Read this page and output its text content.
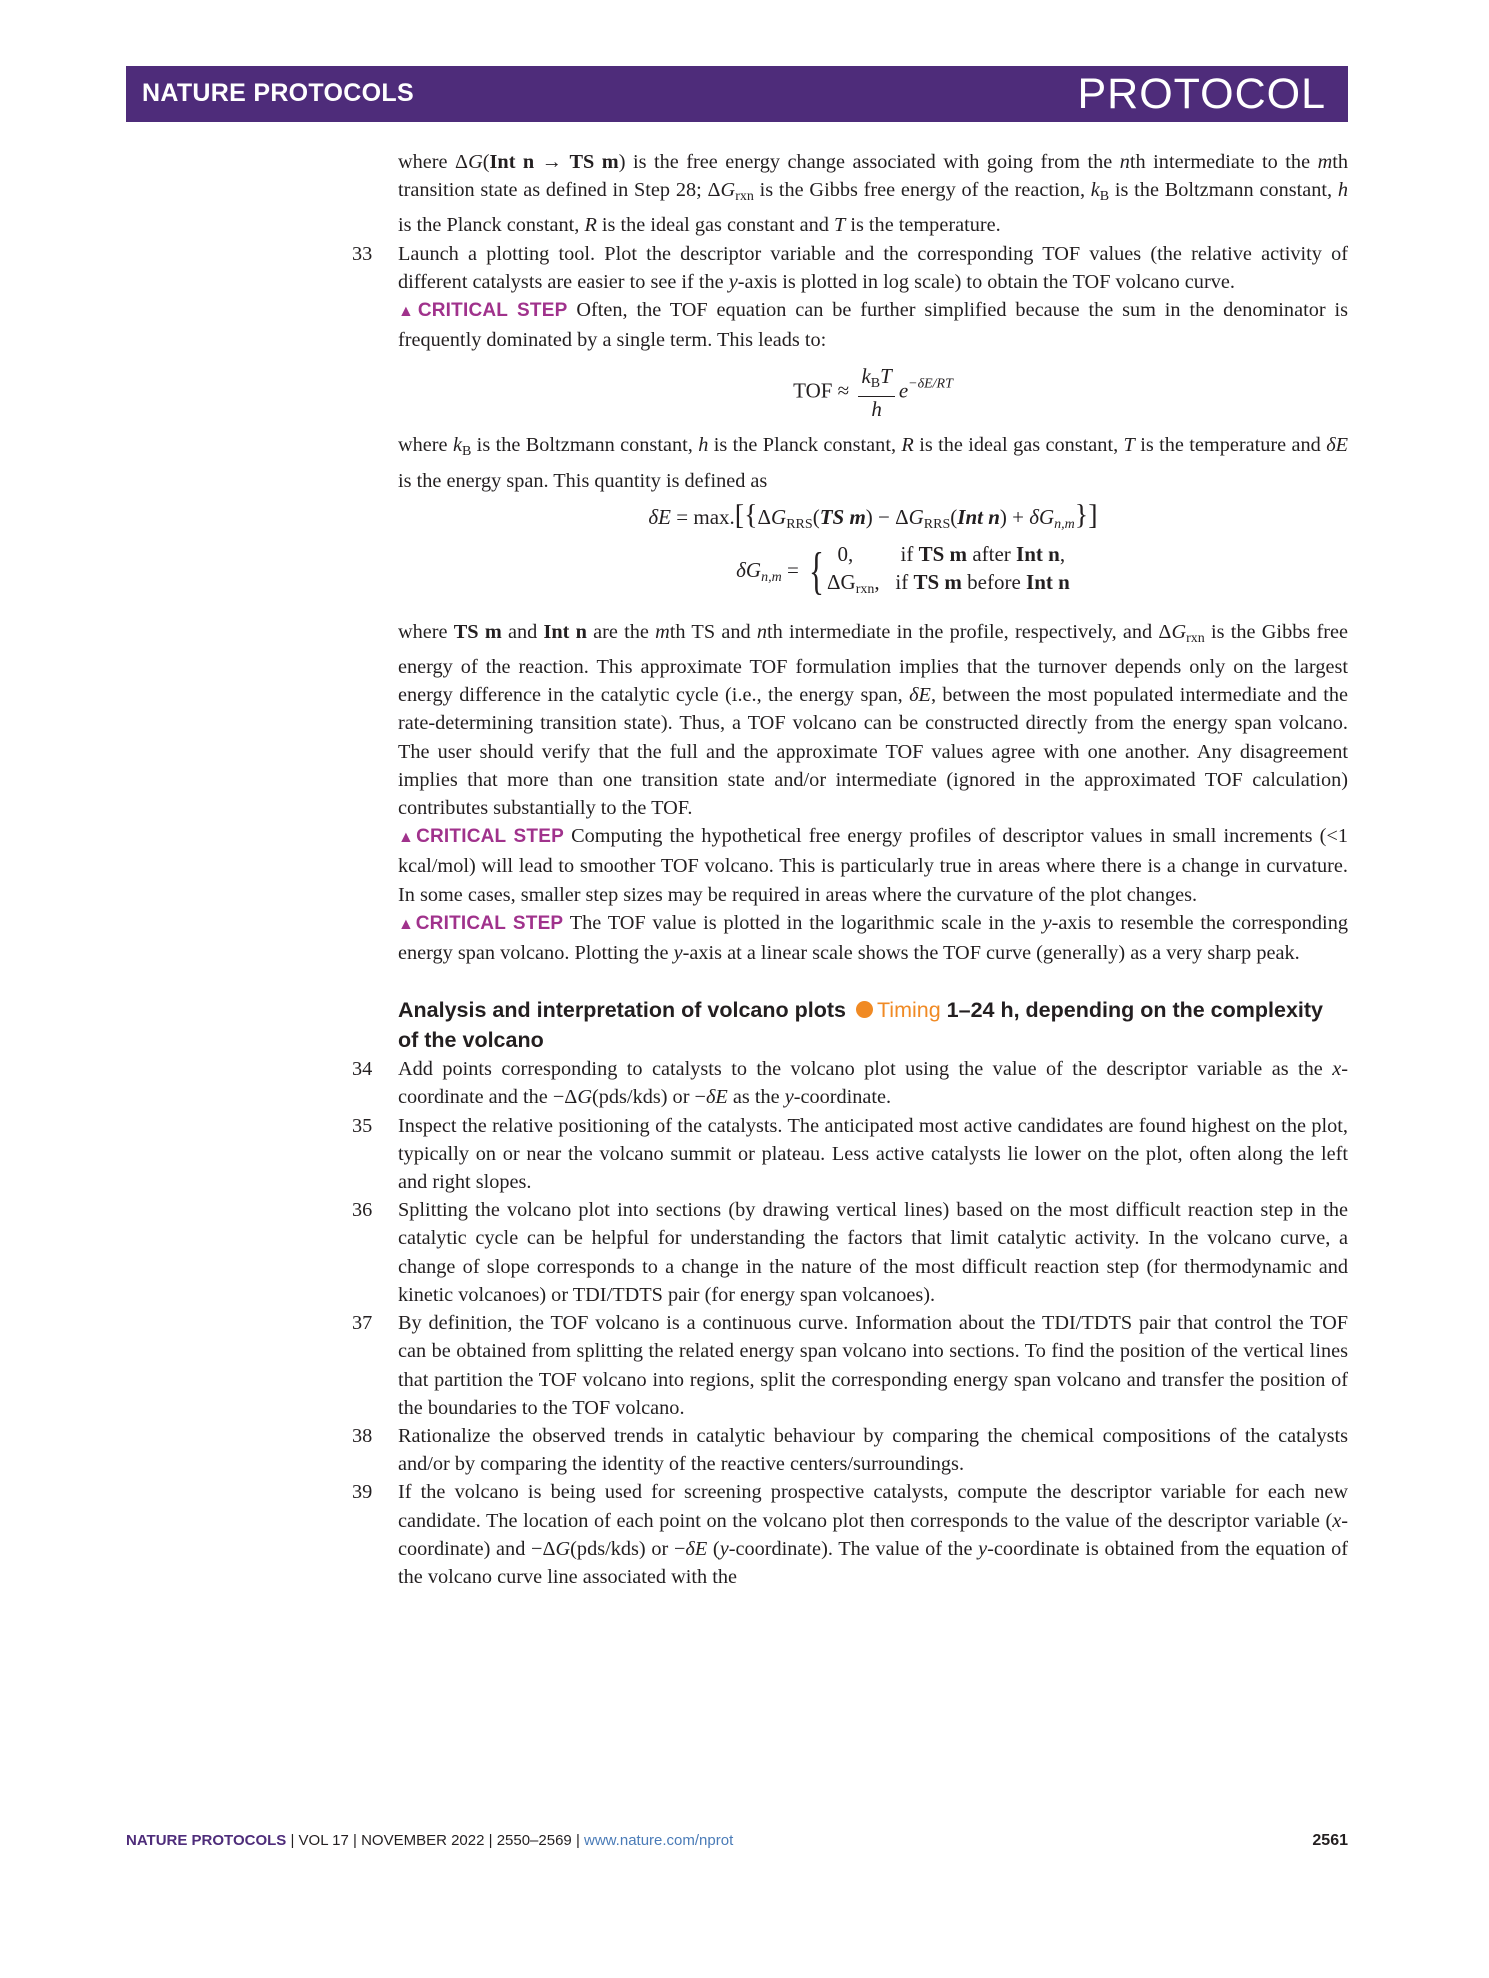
NATURE PROTOCOLS	PROTOCOL

where ΔG(Int n → TS m) is the free energy change associated with going from the nth intermediate to the mth transition state as defined in Step 28; $\Delta G_{rxn}$ is the Gibbs free energy of the reaction, $k_B$ is the Boltzmann constant, h is the Planck constant, R is the ideal gas constant and T is the temperature.

33 Launch a plotting tool. Plot the descriptor variable and the corresponding TOF values (the relative activity of different catalysts are easier to see if the y-axis is plotted in log scale) to obtain the TOF volcano curve.

▲CRITICAL STEP Often, the TOF equation can be further simplified because the sum in the denominator is frequently dominated by a single term. This leads to:

TOF ≈ $\frac{k_BT}{h} e^{-\delta E/RT}$

where $k_B$ is the Boltzmann constant, h is the Planck constant, R is the ideal gas constant, T is the temperature and δE is the energy span. This quantity is defined as

$\delta E = \max.[\{\Delta G_{RRS}(TS$ $m) - \Delta G_{RRS}(Int$ $n) + \delta G_{n,m}$}]
$\delta G_{n,m}$ = { 0,         if TS m after Int n,
$\Delta G_{rxn}$,   if TS m before Int n

where TS m and Int n are the mth TS and nth intermediate in the profile, respectively, and $\Delta G_{rxn}$ is the Gibbs free energy of the reaction. This approximate TOF formulation implies that the turnover depends only on the largest energy difference in the catalytic cycle (i.e., the energy span, δE, between the most populated intermediate and the rate-determining transition state). Thus, a TOF volcano can be constructed directly from the energy span volcano. The user should verify that the full and the approximate TOF values agree with one another. Any disagreement implies that more than one transition state and/or intermediate (ignored in the approximated TOF calculation) contributes substantially to the TOF.

▲CRITICAL STEP Computing the hypothetical free energy profiles of descriptor values in small increments (<1 kcal/mol) will lead to smoother TOF volcano. This is particularly true in areas where there is a change in curvature. In some cases, smaller step sizes may be required in areas where the curvature of the plot changes.

▲CRITICAL STEP The TOF value is plotted in the logarithmic scale in the y-axis to resemble the corresponding energy span volcano. Plotting the y-axis at a linear scale shows the TOF curve (generally) as a very sharp peak.

Analysis and interpretation of volcano plots Timing 1–24 h, depending on the complexity of the volcano

34 Add points corresponding to catalysts to the volcano plot using the value of the descriptor variable as the x-coordinate and the −ΔG(pds/kds) or −δE as the y-coordinate.

35 Inspect the relative positioning of the catalysts. The anticipated most active candidates are found highest on the plot, typically on or near the volcano summit or plateau. Less active catalysts lie lower on the plot, often along the left and right slopes.

36 Splitting the volcano plot into sections (by drawing vertical lines) based on the most difficult reaction step in the catalytic cycle can be helpful for understanding the factors that limit catalytic activity. In the volcano curve, a change of slope corresponds to a change in the nature of the most difficult reaction step (for thermodynamic and kinetic volcanoes) or TDI/TDTS pair (for energy span volcanoes).

37 By definition, the TOF volcano is a continuous curve. Information about the TDI/TDTS pair that control the TOF can be obtained from splitting the related energy span volcano into sections. To find the position of the vertical lines that partition the TOF volcano into regions, split the corresponding energy span volcano and transfer the position of the boundaries to the TOF volcano.

38 Rationalize the observed trends in catalytic behaviour by comparing the chemical compositions of the catalysts and/or by comparing the identity of the reactive centers/surroundings.

39 If the volcano is being used for screening prospective catalysts, compute the descriptor variable for each new candidate. The location of each point on the volcano plot then corresponds to the value of the descriptor variable (x-coordinate) and −ΔG(pds/kds) or −δE (y-coordinate). The value of the y-coordinate is obtained from the equation of the volcano curve line associated with the

NATURE PROTOCOLS | VOL 17 | NOVEMBER 2022 | 2550–2569 | www.nature.com/nprot	2561
